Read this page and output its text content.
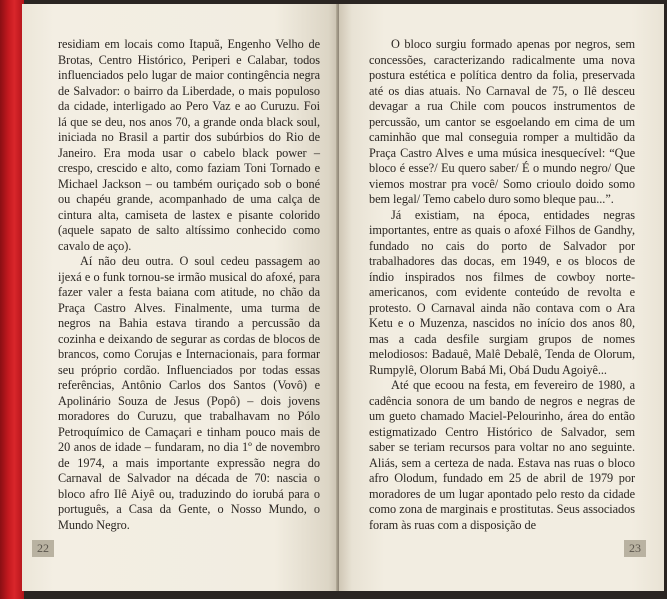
residiam em locais como Itapuã, Engenho Velho de Brotas, Centro Histórico, Periperi e Calabar, todos influenciados pelo lugar de maior contingência negra de Salvador: o bairro da Liberdade, o mais populoso da cidade, interligado ao Pero Vaz e ao Curuzu. Foi lá que se deu, nos anos 70, a grande onda black soul, iniciada no Brasil a partir dos subúrbios do Rio de Janeiro. Era moda usar o cabelo black power –crespo, crescido e alto, como faziam Toni Tornado e Michael Jackson – ou também ouriçado sob o boné ou chapéu grande, acompanhado de uma calça de cintura alta, camiseta de lastex e pisante colorido (aquele sapato de salto altíssimo conhecido como cavalo de aço).

Aí não deu outra. O soul cedeu passagem ao ijexá e o funk tornou-se irmão musical do afoxé, para fazer valer a festa baiana com atitude, no chão da Praça Castro Alves. Finalmente, uma turma de negros na Bahia estava tirando a percussão da cozinha e deixando de segurar as cordas de blocos de brancos, como Corujas e Internacionais, para formar seu próprio cordão. Influenciados por todas essas referências, Antônio Carlos dos Santos (Vovô) e Apolinário Souza de Jesus (Popô) – dois jovens moradores do Curuzu, que trabalhavam no Pólo Petroquímico de Camaçari e tinham pouco mais de 20 anos de idade – fundaram, no dia 1º de novembro de 1974, a mais importante expressão negra do Carnaval de Salvador na década de 70: nascia o bloco afro Ilê Aiyê ou, traduzindo do iorubá para o português, a Casa da Gente, o Nosso Mundo, o Mundo Negro.

22

O bloco surgiu formado apenas por negros, sem concessões, caracterizando radicalmente uma nova postura estética e política dentro da folia, preservada até os dias atuais. No Carnaval de 75, o Ilê desceu devagar a rua Chile com poucos instrumentos de percussão, um cantor se esgoelando em cima de um caminhão que mal conseguia romper a multidão da Praça Castro Alves e uma música inesquecível: “Que bloco é esse?/ Eu quero saber/ É o mundo negro/ Que viemos mostrar pra você/ Somo crioulo doido somo bem legal/ Temo cabelo duro somo bleque pau...”.

Já existiam, na época, entidades negras importantes, entre as quais o afoxé Filhos de Gandhy, fundado no cais do porto de Salvador por trabalhadores das docas, em 1949, e os blocos de índio inspirados nos filmes de cowboy norte-americanos, com evidente conteúdo de revolta e protesto. O Carnaval ainda não contava com o Ara Ketu e o Muzenza, nascidos no início dos anos 80, mas a cada desfile surgiam grupos de nomes melodiosos: Badauê, Malê Debalê, Tenda de Olorum, Rumpylê, Olorum Babá Mi, Obá Dudu Agoiyê...

Até que ecoou na festa, em fevereiro de 1980, a cadência sonora de um bando de negros e negras de um gueto chamado Maciel-Pelourinho, área do então estigmatizado Centro Histórico de Salvador, sem saber se teriam recursos para voltar no ano seguinte. Aliás, sem a certeza de nada. Estava nas ruas o bloco afro Olodum, fundado em 25 de abril de 1979 por moradores de um lugar apontado pelo resto da cidade como zona de marginais e prostitutas. Seus associados foram às ruas com a disposição de

23
